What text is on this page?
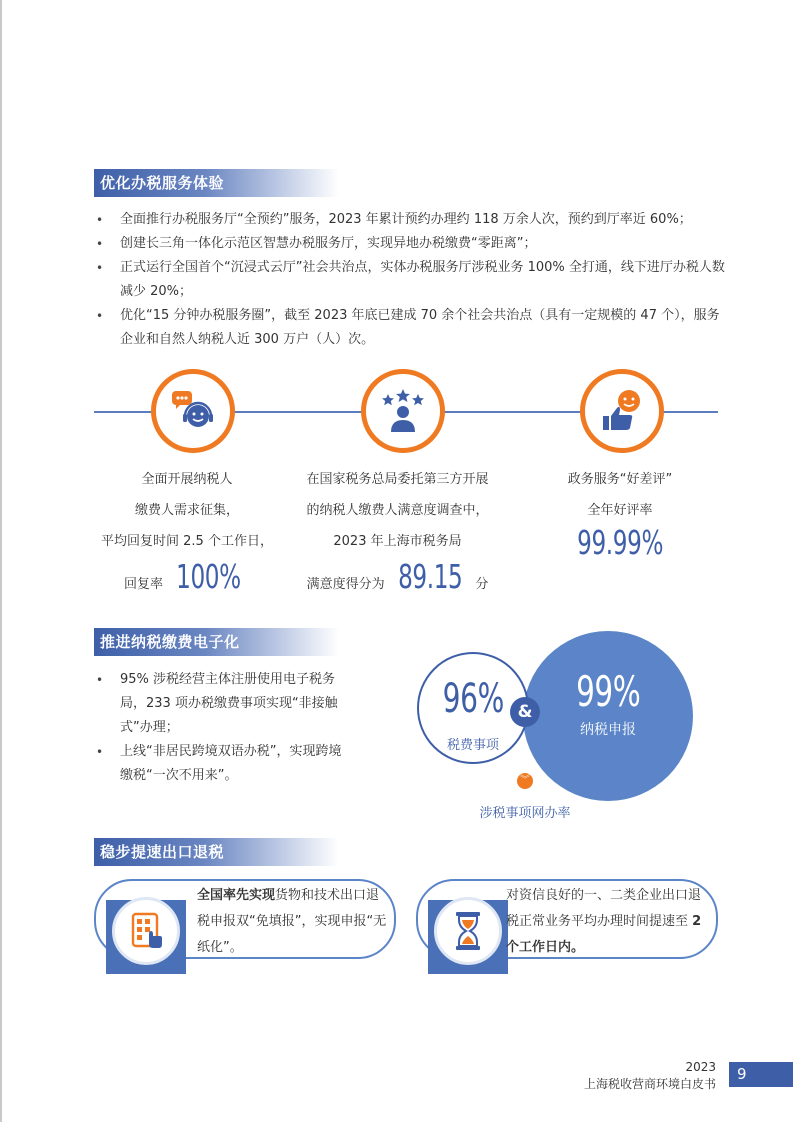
优化办税服务体验
• 全面推行办税服务厅“全预约”服务，2023 年累计预约办理约 118 万余人次，预约到厅率近 60%；
• 创建长三角一体化示范区智慧办税服务厅，实现异地办税缴费“零距离”；
• 正式运行全国首个“沉浸式云厅”社会共治点，实体办税服务厅涉税业务 100% 全打通，线下进厅办税人数减少 20%；
• 优化“15 分钟办税服务圈”，截至 2023 年底已建成 70 余个社会共治点（具有一定规模的 47 个），服务企业和自然人纳税人近 300 万户（人）次。
全面开展纳税人
缴费人需求征集，
平均回复时间 2.5 个工作日，
回复率 100%
在国家税务总局委托第三方开展
的纳税人缴费人满意度调查中，
2023 年上海市税务局
满意度得分为 89.15 分
政务服务“好差评”
全年好评率
99.99%
推进纳税缴费电子化
• 95% 涉税经营主体注册使用电子税务局，233 项办税缴费事项实现“非接触式”办理；
• 上线“非居民跨境双语办税”，实现跨境缴税“一次不用来”。
99%
纳税申报
96%
税费事项
&
︾
涉税事项网办率
稳步提速出口退税
全国率先实现货物和技术出口退税申报双“免填报”，实现申报“无纸化”。
对资信良好的一、二类企业出口退税正常业务平均办理时间提速至 2 个工作日内。
2023
上海税收营商环境白皮书
9
